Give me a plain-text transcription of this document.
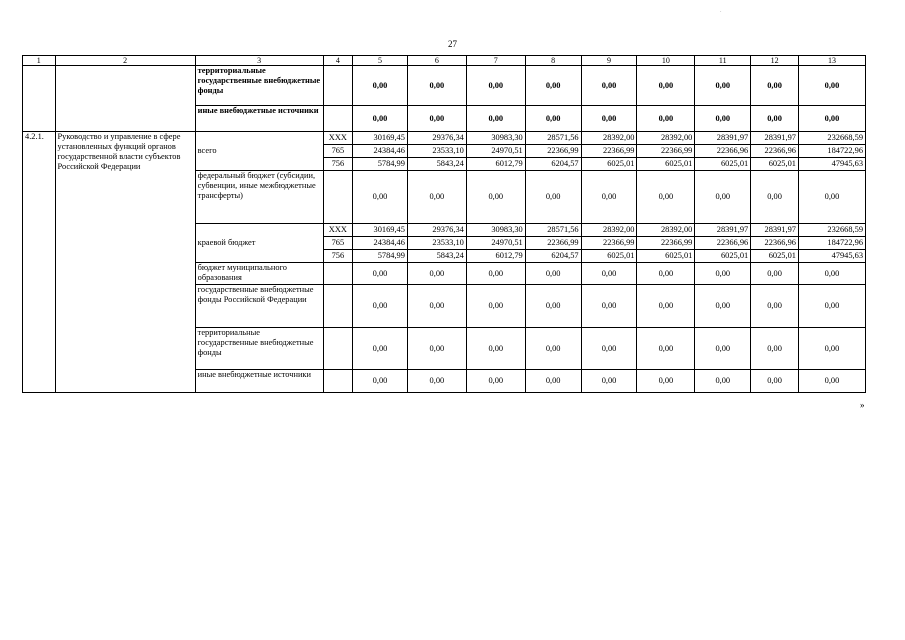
.
27
1	2	3	4	5	6	7	8	9	10	11	12	13
		территориальные государственные внебюджетные фонды		0,00	0,00	0,00	0,00	0,00	0,00	0,00	0,00	0,00
		иные внебюджетные источники		0,00	0,00	0,00	0,00	0,00	0,00	0,00	0,00	0,00
4.2.1.	Руководство и управление в сфере установленных функций органов государственной власти субъектов Российской Федерации	всего	ХХХ	30169,45	29376,34	30983,30	28571,56	28392,00	28392,00	28391,97	28391,97	232668,59
			765	24384,46	23533,10	24970,51	22366,99	22366,99	22366,99	22366,96	22366,96	184722,96
			756	5784,99	5843,24	6012,79	6204,57	6025,01	6025,01	6025,01	6025,01	47945,63
		федеральный бюджет (субсидии, субвенции, иные межбюджетные трансферты)		0,00	0,00	0,00	0,00	0,00	0,00	0,00	0,00	0,00
		краевой бюджет	ХХХ	30169,45	29376,34	30983,30	28571,56	28392,00	28392,00	28391,97	28391,97	232668,59
			765	24384,46	23533,10	24970,51	22366,99	22366,99	22366,99	22366,96	22366,96	184722,96
			756	5784,99	5843,24	6012,79	6204,57	6025,01	6025,01	6025,01	6025,01	47945,63
		бюджет муниципального образования		0,00	0,00	0,00	0,00	0,00	0,00	0,00	0,00	0,00
		государственные внебюджетные фонды Российской Федерации		0,00	0,00	0,00	0,00	0,00	0,00	0,00	0,00	0,00
		территориальные государственные внебюджетные фонды		0,00	0,00	0,00	0,00	0,00	0,00	0,00	0,00	0,00
		иные внебюджетные источники		0,00	0,00	0,00	0,00	0,00	0,00	0,00	0,00	0,00
»
